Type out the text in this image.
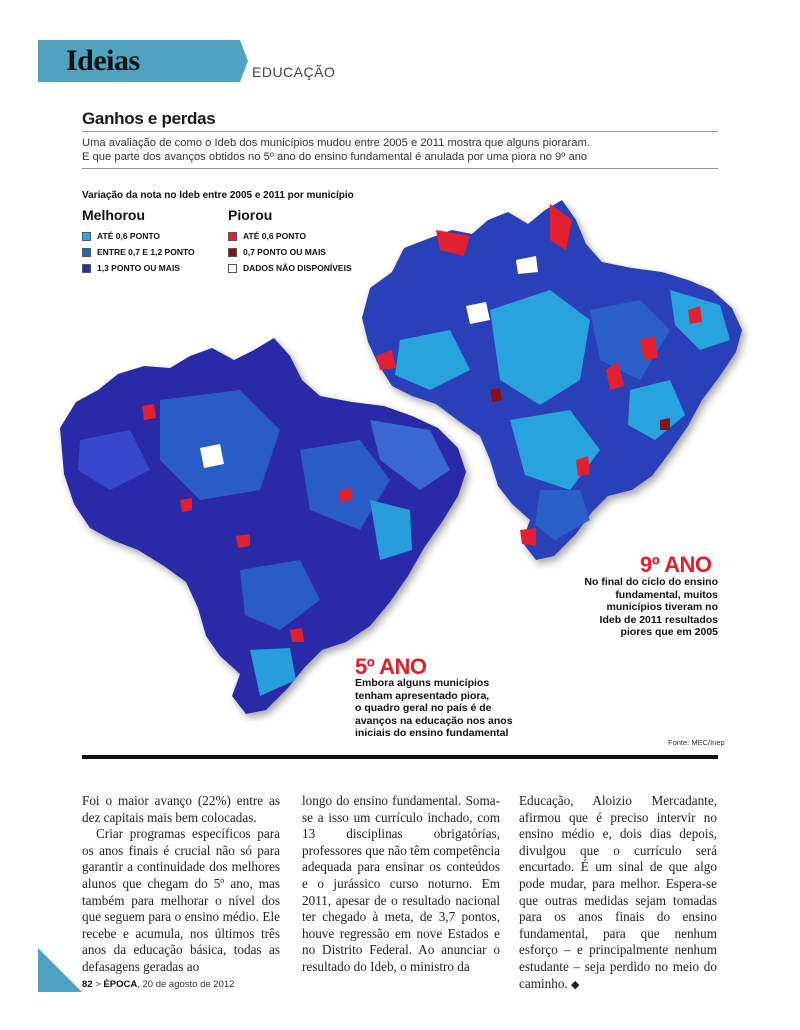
Ideias	EDUCAÇÃO
Ganhos e perdas
Uma avaliação de como o Ideb dos municípios mudou entre 2005 e 2011 mostra que alguns pioraram.
E que parte dos avanços obtidos no 5º ano do ensino fundamental é anulada por uma piora no 9º ano
Variação da nota no Ideb entre 2005 e 2011 por município
Melhorou
ATÉ 0,6 PONTO
ENTRE 0,7 E 1,2 PONTO
1,3 PONTO OU MAIS
Piorou
ATÉ 0,6 PONTO
0,7 PONTO OU MAIS
DADOS NÃO DISPONÍVEIS
9º ANO
No final do ciclo do ensino
fundamental, muitos
municípios tiveram no
Ideb de 2011 resultados
piores que em 2005
5º ANO
Embora alguns municípios
tenham apresentado piora,
o quadro geral no país é de
avanços na educação nos anos
iniciais do ensino fundamental
Fonte: MEC/Inep

Foi o maior avanço (22%) entre as dez capitais mais bem colocadas.

Criar programas específicos para os anos finais é crucial não só para garantir a continuidade dos melhores alunos que chegam do 5º ano, mas também para melhorar o nível dos que seguem para o ensino médio. Ele recebe e acumula, nos últimos três anos da educação básica, todas as defasagens geradas ao

longo do ensino fundamental. Soma-se a isso um currículo inchado, com 13 disciplinas obrigatórias, professores que não têm competência adequada para ensinar os conteúdos e o jurássico curso noturno. Em 2011, apesar de o resultado nacional ter chegado à meta, de 3,7 pontos, houve regressão em nove Estados e no Distrito Federal. Ao anunciar o resultado do Ideb, o ministro da

Educação, Aloizio Mercadante, afirmou que é preciso intervir no ensino médio e, dois dias depois, divulgou que o currículo será encurtado. É um sinal de que algo pode mudar, para melhor. Espera-se que outras medidas sejam tomadas para os anos finais do ensino fundamental, para que nenhum esforço – e principalmente nenhum estudante – seja perdido no meio do caminho. ◆

82 > ÉPOCA, 20 de agosto de 2012
